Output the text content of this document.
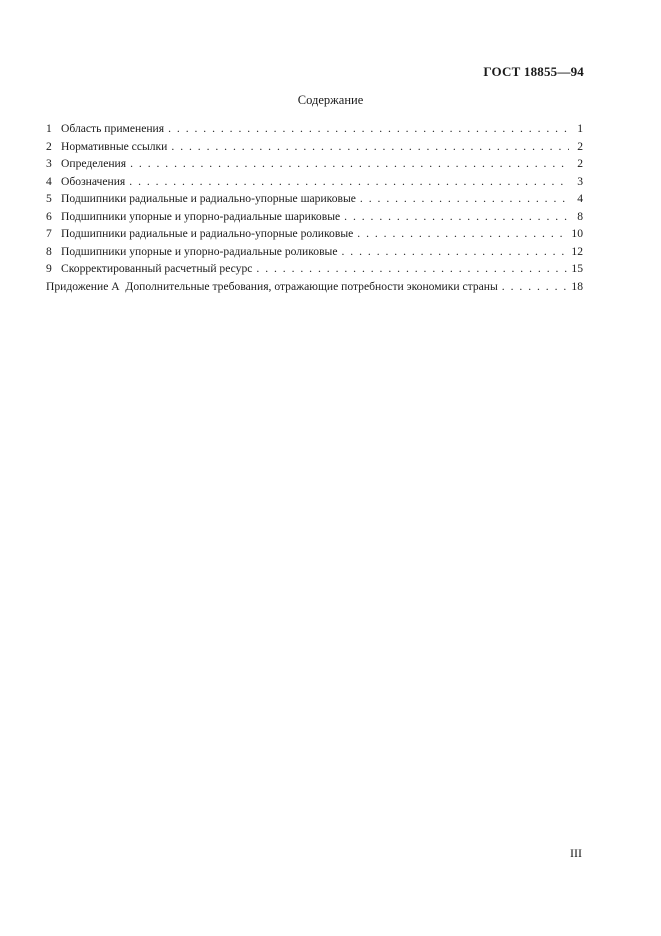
ГОСТ 18855—94
Содержание
1 Область применения . . .	1
2 Нормативные ссылки . . .	2
3 Определения . . .	2
4 Обозначения . . .	3
5 Подшипники радиальные и радиально-упорные шариковые . . .	4
6 Подшипники упорные и упорно-радиальные шариковые . . .	8
7 Подшипники радиальные и радиально-упорные роликовые . . .	10
8 Подшипники упорные и упорно-радиальные роликовые . . .	12
9 Скорректированный расчетный ресурс . . .	15
Придожение А  Дополнительные требования, отражающие потребности экономики страны . . .	18
III
